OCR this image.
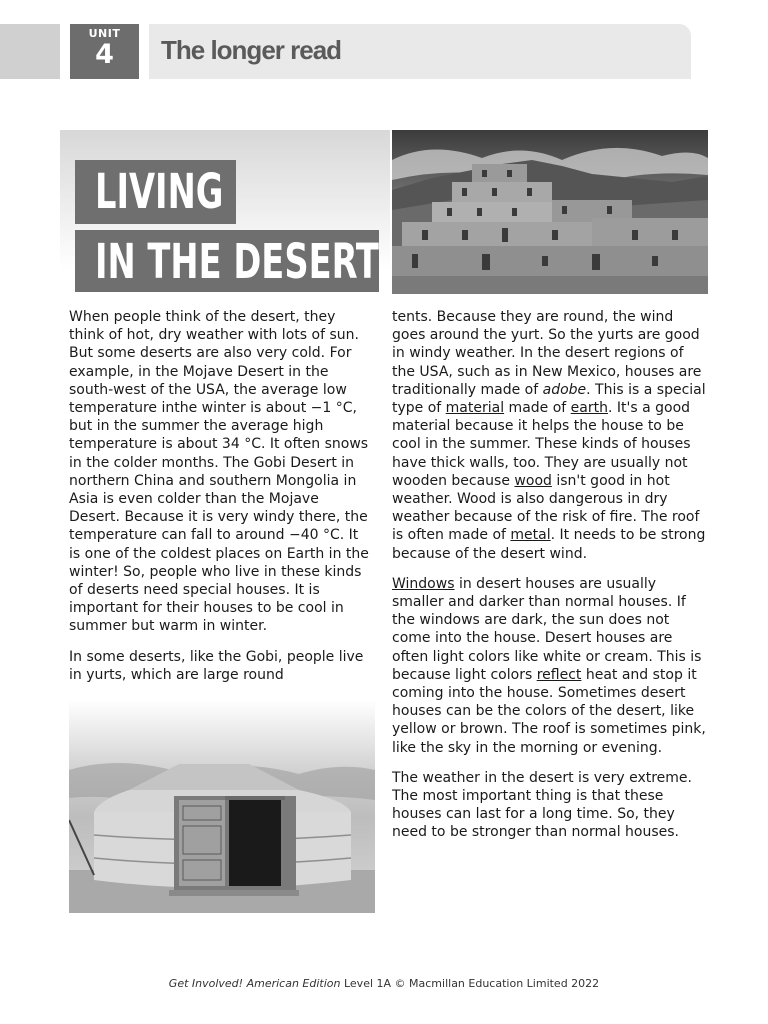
UNIT
4	The longer read
LIVING
IN THE DESERT

When people think of the desert, they think of hot, dry weather with lots of sun. But some deserts are also very cold. For example, in the Mojave Desert in the south-west of the USA, the average low temperature inthe winter is about −1 °C, but in the summer the average high temperature is about 34 °C. It often snows in the colder months. The Gobi Desert in northern China and southern Mongolia in Asia is even colder than the Mojave Desert. Because it is very windy there, the temperature can fall to around −40 °C. It is one of the coldest places on Earth in the winter! So, people who live in these kinds of deserts need special houses. It is important for their houses to be cool in summer but warm in winter.

In some deserts, like the Gobi, people live in yurts, which are large round

tents. Because they are round, the wind goes around the yurt. So the yurts are good in windy weather. In the desert regions of the USA, such as in New Mexico, houses are traditionally made of adobe. This is a special type of material made of earth. It's a good material because it helps the house to be cool in the summer. These kinds of houses have thick walls, too. They are usually not wooden because wood isn't good in hot weather. Wood is also dangerous in dry weather because of the risk of fire. The roof is often made of metal. It needs to be strong because of the desert wind.

Windows in desert houses are usually smaller and darker than normal houses. If the windows are dark, the sun does not come into the house. Desert houses are often light colors like white or cream. This is because light colors reflect heat and stop it coming into the house. Sometimes desert houses can be the colors of the desert, like yellow or brown. The roof is sometimes pink, like the sky in the morning or evening.

The weather in the desert is very extreme. The most important thing is that these houses can last for a long time. So, they need to be stronger than normal houses.

Get Involved! American Edition Level 1A © Macmillan Education Limited 2022
